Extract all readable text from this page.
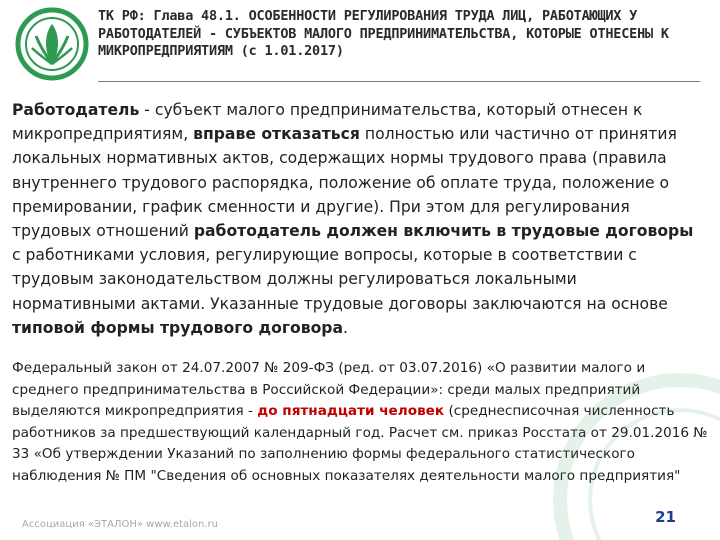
ТК РФ: Глава 48.1. ОСОБЕННОСТИ РЕГУЛИРОВАНИЯ ТРУДА ЛИЦ, РАБОТАЮЩИХ У РАБОТОДАТЕЛЕЙ - СУБЪЕКТОВ МАЛОГО ПРЕДПРИНИМАТЕЛЬСТВА, КОТОРЫЕ ОТНЕСЕНЫ К МИКРОПРЕДПРИЯТИЯМ (с 1.01.2017)
Работодатель - субъект малого предпринимательства, который отнесен к микропредприятиям, вправе отказаться полностью или частично от принятия локальных нормативных актов, содержащих нормы трудового права (правила внутреннего трудового распорядка, положение об оплате труда, положение о премировании, график сменности и другие). При этом для регулирования трудовых отношений работодатель должен включить в трудовые договоры с работниками условия, регулирующие вопросы, которые в соответствии с трудовым законодательством должны регулироваться локальными нормативными актами. Указанные трудовые договоры заключаются на основе типовой формы трудового договора.
Федеральный закон от 24.07.2007 № 209-ФЗ (ред. от 03.07.2016) «О развитии малого и среднего предпринимательства в Российской Федерации»: среди малых предприятий выделяются микропредприятия - до пятнадцати человек (среднесписочная численность работников за предшествующий календарный год. Расчет см. приказ Росстата от 29.01.2016 № 33 «Об утверждении Указаний по заполнению формы федерального статистического наблюдения № ПМ "Сведения об основных показателях деятельности малого предприятия"
Ассоциация «ЭТАЛОН» www.etalon.ru	21
